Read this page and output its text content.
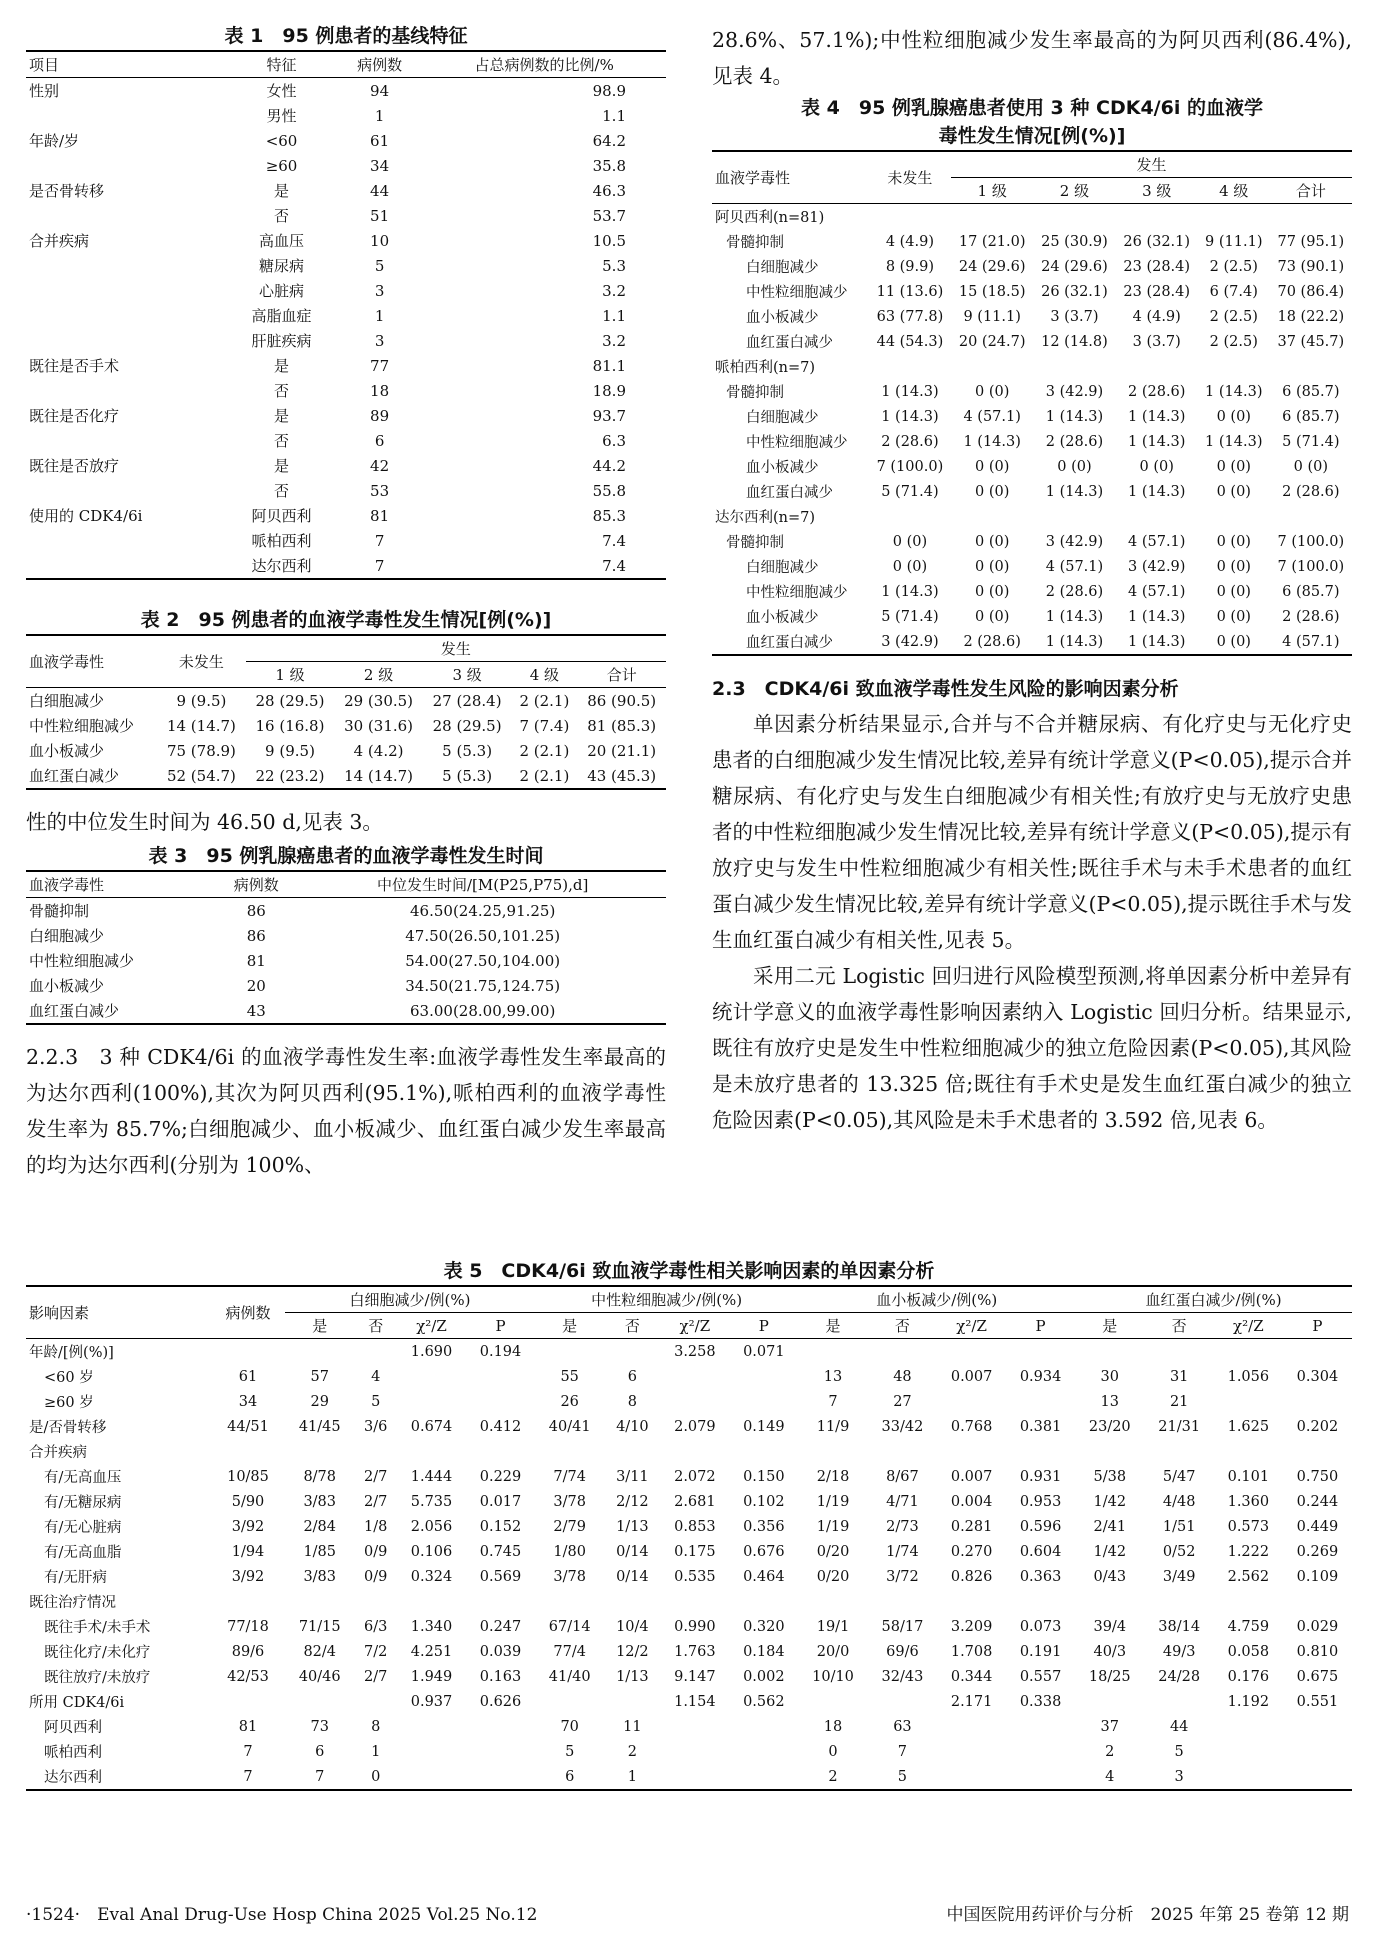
表 1　95 例患者的基线特征
项目	特征	病例数	占总病例数的比例/%
性别	女性	94	98.9
	男性	1	1.1
年龄/岁	<60	61	64.2
	≥60	34	35.8
是否骨转移	是	44	46.3
	否	51	53.7
合并疾病	高血压	10	10.5
	糖尿病	5	5.3
	心脏病	3	3.2
	高脂血症	1	1.1
	肝脏疾病	3	3.2
既往是否手术	是	77	81.1
	否	18	18.9
既往是否化疗	是	89	93.7
	否	6	6.3
既往是否放疗	是	42	44.2
	否	53	55.8
使用的 CDK4/6i	阿贝西利	81	85.3
	哌柏西利	7	7.4
	达尔西利	7	7.4
表 2　95 例患者的血液学毒性发生情况[例(%)]
血液学毒性	未发生	发生				
		1 级	2 级	3 级	4 级	合计
白细胞减少	9 (9.5)	28 (29.5)	29 (30.5)	27 (28.4)	2 (2.1)	86 (90.5)
中性粒细胞减少	14 (14.7)	16 (16.8)	30 (31.6)	28 (29.5)	7 (7.4)	81 (85.3)
血小板减少	75 (78.9)	9 (9.5)	4 (4.2)	5 (5.3)	2 (2.1)	20 (21.1)
血红蛋白减少	52 (54.7)	22 (23.2)	14 (14.7)	5 (5.3)	2 (2.1)	43 (45.3)

性的中位发生时间为 46.50 d,见表 3。

表 3　95 例乳腺癌患者的血液学毒性发生时间
血液学毒性	病例数	中位发生时间/[M(P25,P75),d]
骨髓抑制	86	46.50(24.25,91.25)
白细胞减少	86	47.50(26.50,101.25)
中性粒细胞减少	81	54.00(27.50,104.00)
血小板减少	20	34.50(21.75,124.75)
血红蛋白减少	43	63.00(28.00,99.00)

2.2.3　3 种 CDK4/6i 的血液学毒性发生率:血液学毒性发生率最高的为达尔西利(100%),其次为阿贝西利(95.1%),哌柏西利的血液学毒性发生率为 85.7%;白细胞减少、血小板减少、血红蛋白减少发生率最高的均为达尔西利(分别为 100%、

28.6%、57.1%);中性粒细胞减少发生率最高的为阿贝西利(86.4%),见表 4。

表 4　95 例乳腺癌患者使用 3 种 CDK4/6i 的血液学
毒性发生情况[例(%)]
血液学毒性	未发生	发生				
		1 级	2 级	3 级	4 级	合计
阿贝西利(n=81)						
骨髓抑制	4 (4.9)	17 (21.0)	25 (30.9)	26 (32.1)	9 (11.1)	77 (95.1)
白细胞减少	8 (9.9)	24 (29.6)	24 (29.6)	23 (28.4)	2 (2.5)	73 (90.1)
中性粒细胞减少	11 (13.6)	15 (18.5)	26 (32.1)	23 (28.4)	6 (7.4)	70 (86.4)
血小板减少	63 (77.8)	9 (11.1)	3 (3.7)	4 (4.9)	2 (2.5)	18 (22.2)
血红蛋白减少	44 (54.3)	20 (24.7)	12 (14.8)	3 (3.7)	2 (2.5)	37 (45.7)
哌柏西利(n=7)						
骨髓抑制	1 (14.3)	0 (0)	3 (42.9)	2 (28.6)	1 (14.3)	6 (85.7)
白细胞减少	1 (14.3)	4 (57.1)	1 (14.3)	1 (14.3)	0 (0)	6 (85.7)
中性粒细胞减少	2 (28.6)	1 (14.3)	2 (28.6)	1 (14.3)	1 (14.3)	5 (71.4)
血小板减少	7 (100.0)	0 (0)	0 (0)	0 (0)	0 (0)	0 (0)
血红蛋白减少	5 (71.4)	0 (0)	1 (14.3)	1 (14.3)	0 (0)	2 (28.6)
达尔西利(n=7)						
骨髓抑制	0 (0)	0 (0)	3 (42.9)	4 (57.1)	0 (0)	7 (100.0)
白细胞减少	0 (0)	0 (0)	4 (57.1)	3 (42.9)	0 (0)	7 (100.0)
中性粒细胞减少	1 (14.3)	0 (0)	2 (28.6)	4 (57.1)	0 (0)	6 (85.7)
血小板减少	5 (71.4)	0 (0)	1 (14.3)	1 (14.3)	0 (0)	2 (28.6)
血红蛋白减少	3 (42.9)	2 (28.6)	1 (14.3)	1 (14.3)	0 (0)	4 (57.1)
2.3　CDK4/6i 致血液学毒性发生风险的影响因素分析

单因素分析结果显示,合并与不合并糖尿病、有化疗史与无化疗史患者的白细胞减少发生情况比较,差异有统计学意义(P<0.05),提示合并糖尿病、有化疗史与发生白细胞减少有相关性;有放疗史与无放疗史患者的中性粒细胞减少发生情况比较,差异有统计学意义(P<0.05),提示有放疗史与发生中性粒细胞减少有相关性;既往手术与未手术患者的血红蛋白减少发生情况比较,差异有统计学意义(P<0.05),提示既往手术与发生血红蛋白减少有相关性,见表 5。

采用二元 Logistic 回归进行风险模型预测,将单因素分析中差异有统计学意义的血液学毒性影响因素纳入 Logistic 回归分析。结果显示,既往有放疗史是发生中性粒细胞减少的独立危险因素(P<0.05),其风险是未放疗患者的 13.325 倍;既往有手术史是发生血红蛋白减少的独立危险因素(P<0.05),其风险是未手术患者的 3.592 倍,见表 6。

表 5　CDK4/6i 致血液学毒性相关影响因素的单因素分析
影响因素	病例数	白细胞减少/例(%)				中性粒细胞减少/例(%)				血小板减少/例(%)				血红蛋白减少/例(%)			
		是	否	χ²/Z	P	是	否	χ²/Z	P	是	否	χ²/Z	P	是	否	χ²/Z	P
年龄/[例(%)]				1.690	0.194			3.258	0.071								
<60 岁	61	57	4			55	6			13	48	0.007	0.934	30	31	1.056	0.304
≥60 岁	34	29	5			26	8			7	27			13	21		
是/否骨转移	44/51	41/45	3/6	0.674	0.412	40/41	4/10	2.079	0.149	11/9	33/42	0.768	0.381	23/20	21/31	1.625	0.202
合并疾病																	
有/无高血压	10/85	8/78	2/7	1.444	0.229	7/74	3/11	2.072	0.150	2/18	8/67	0.007	0.931	5/38	5/47	0.101	0.750
有/无糖尿病	5/90	3/83	2/7	5.735	0.017	3/78	2/12	2.681	0.102	1/19	4/71	0.004	0.953	1/42	4/48	1.360	0.244
有/无心脏病	3/92	2/84	1/8	2.056	0.152	2/79	1/13	0.853	0.356	1/19	2/73	0.281	0.596	2/41	1/51	0.573	0.449
有/无高血脂	1/94	1/85	0/9	0.106	0.745	1/80	0/14	0.175	0.676	0/20	1/74	0.270	0.604	1/42	0/52	1.222	0.269
有/无肝病	3/92	3/83	0/9	0.324	0.569	3/78	0/14	0.535	0.464	0/20	3/72	0.826	0.363	0/43	3/49	2.562	0.109
既往治疗情况																	
既往手术/未手术	77/18	71/15	6/3	1.340	0.247	67/14	10/4	0.990	0.320	19/1	58/17	3.209	0.073	39/4	38/14	4.759	0.029
既往化疗/未化疗	89/6	82/4	7/2	4.251	0.039	77/4	12/2	1.763	0.184	20/0	69/6	1.708	0.191	40/3	49/3	0.058	0.810
既往放疗/未放疗	42/53	40/46	2/7	1.949	0.163	41/40	1/13	9.147	0.002	10/10	32/43	0.344	0.557	18/25	24/28	0.176	0.675
所用 CDK4/6i				0.937	0.626			1.154	0.562			2.171	0.338			1.192	0.551
阿贝西利	81	73	8			70	11			18	63			37	44		
哌柏西利	7	6	1			5	2			0	7			2	5		
达尔西利	7	7	0			6	1			2	5			4	3		
·1524·　Eval Anal Drug-Use Hosp China 2025 Vol.25 No.12	中国医院用药评价与分析　2025 年第 25 卷第 12 期
